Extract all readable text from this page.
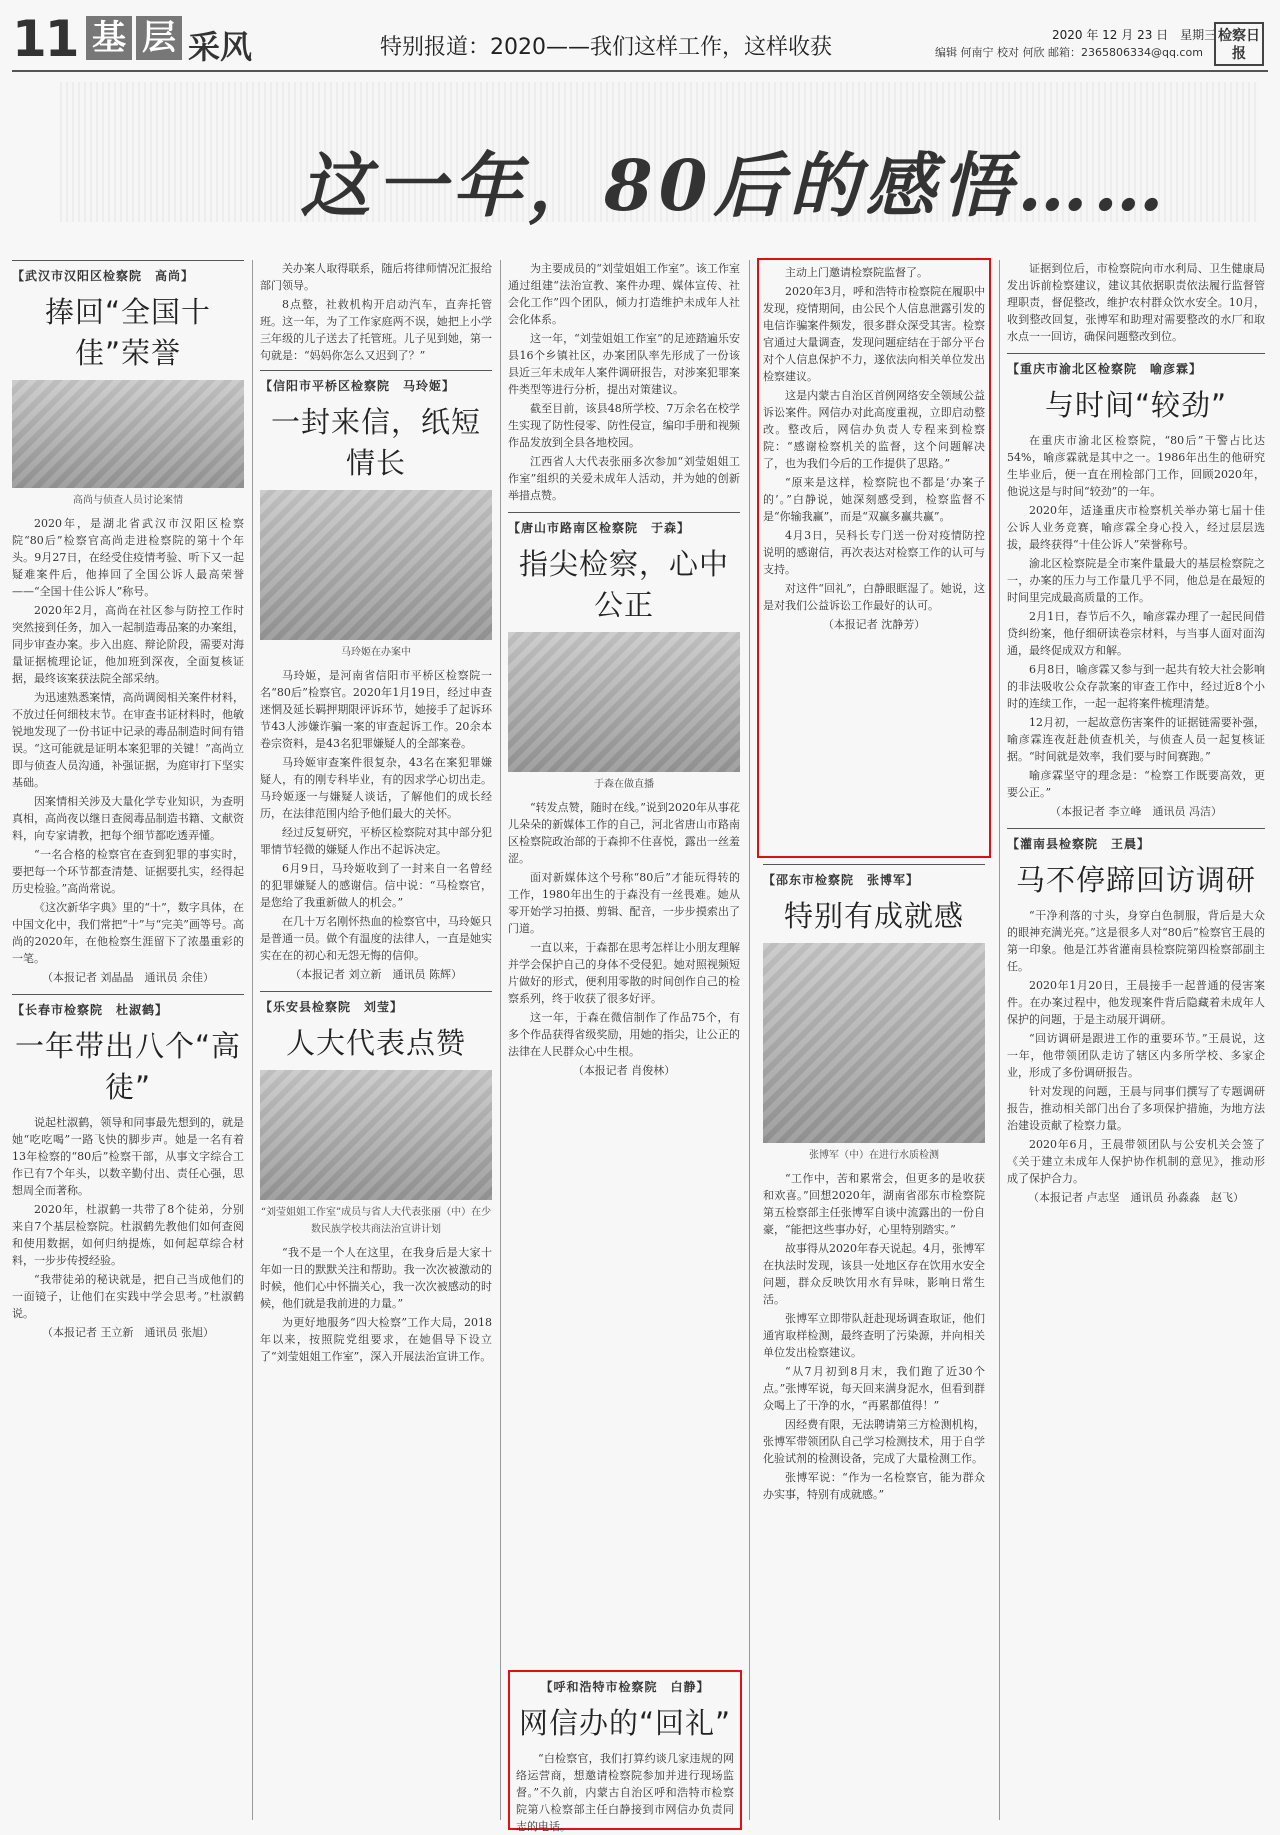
11 基 层 采风	特别报道：2020——我们这样工作，这样收获	2020 年 12 月 23 日　星期三
编辑 何南宁 校对 何欣 邮箱：2365806334@qq.com
检察日报
这一年，80后的感悟……
【武汉市汉阳区检察院　高尚】
捧回“全国十佳”荣誉
高尚与侦查人员讨论案情

2020年，是湖北省武汉市汉阳区检察院“80后”检察官高尚走进检察院的第十个年头。9月27日，在经受住疫情考验、听下又一起疑难案件后，他捧回了全国公诉人最高荣誉——“全国十佳公诉人”称号。

2020年2月，高尚在社区参与防控工作时突然接到任务，加入一起制造毒品案的办案组，同步审查办案。步入出庭、辩论阶段，需要对海量证据梳理论证，他加班到深夜，全面复核证据，最终该案获法院全部采纳。

为迅速熟悉案情，高尚调阅相关案件材料，不放过任何细枝末节。在审查书证材料时，他敏锐地发现了一份书证中记录的毒品制造时间有错误。“这可能就是证明本案犯罪的关键！”高尚立即与侦查人员沟通，补强证据，为庭审打下坚实基础。

因案情相关涉及大量化学专业知识，为查明真相，高尚夜以继日查阅毒品制造书籍、文献资料，向专家请教，把每个细节都吃透弄懂。

“一名合格的检察官在查到犯罪的事实时，要把每一个环节都查清楚、证据要扎实，经得起历史检验。”高尚常说。

《这次新华字典》里的“十”，数字具体，在中国文化中，我们常把“十”与“完美”画等号。高尚的2020年，在他检察生涯留下了浓墨重彩的一笔。

（本报记者 刘晶晶　通讯员 余佳）

【长春市检察院　杜淑鹤】
一年带出八个“高徒”

说起杜淑鹤，领导和同事最先想到的，就是她“吃吃喝”一路飞快的脚步声。她是一名有着13年检察的“80后”检察干部，从事文字综合工作已有7个年头，以数辛勤付出、责任心强，思想周全而著称。

2020年，杜淑鹤一共带了8个徒弟，分别来自7个基层检察院。杜淑鹤先教他们如何查阅和使用数据，如何归纳提炼，如何起草综合材料，一步步传授经验。

“我带徒弟的秘诀就是，把自己当成他们的一面镜子，让他们在实践中学会思考。”杜淑鹤说。

（本报记者 王立新　通讯员 张旭）

关办案人取得联系，随后将律师情况汇报给部门领导。

8点整，社救机构开启动汽车，直奔托管班。这一年，为了工作家庭两不误，她把上小学三年级的儿子送去了托管班。儿子见到她，第一句就是：“妈妈你怎么又迟到了？”

【信阳市平桥区检察院　马玲姬】
一封来信，纸短情长
马玲姬在办案中

马玲姬，是河南省信阳市平桥区检察院一名“80后”检察官。2020年1月19日，经过申查迷惘及延长羁押期限评诉环节，她接手了起诉环节43人涉嫌诈骗一案的审查起诉工作。20余本卷宗资料，是43名犯罪嫌疑人的全部案卷。

马玲姬审查案件很复杂，43名在案犯罪嫌疑人，有的刚专科毕业，有的因求学心切出走。马玲姬逐一与嫌疑人谈话，了解他们的成长经历，在法律范围内给予他们最大的关怀。

经过反复研究，平桥区检察院对其中部分犯罪情节轻微的嫌疑人作出不起诉决定。

6月9日，马玲姬收到了一封来自一名曾经的犯罪嫌疑人的感谢信。信中说：“马检察官，是您给了我重新做人的机会。”

在几十万名刚怀热血的检察官中，马玲姬只是普通一员。做个有温度的法律人，一直是她实实在在的初心和无怨无悔的信仰。

（本报记者 刘立新　通讯员 陈辉）

【乐安县检察院　刘莹】
人大代表点赞
“刘莹姐姐工作室”成员与省人大代表张丽（中）在少数民族学校共商法治宣讲计划

“我不是一个人在这里，在我身后是大家十年如一日的默默关注和帮助。我一次次被激动的时候，他们心中怀揣关心，我一次次被感动的时候，他们就是我前进的力量。”

为更好地服务“四大检察”工作大局，2018年以来，按照院党组要求，在她倡导下设立了“刘莹姐姐工作室”，深入开展法治宣讲工作。

为主要成员的“刘莹姐姐工作室”。该工作室通过组建“法治宣教、案件办理、媒体宣传、社会化工作”四个团队，倾力打造维护未成年人社会化体系。

这一年，“刘莹姐姐工作室”的足迹踏遍乐安县16个乡镇社区，办案团队率先形成了一份该县近三年未成年人案件调研报告，对涉案犯罪案件类型等进行分析，提出对策建议。

截至目前，该县48所学校、7万余名在校学生实现了防性侵零、防性侵宣，编印手册和视频作品发放到全县各地校园。

江西省人大代表张丽多次参加“刘莹姐姐工作室”组织的关爱未成年人活动，并为她的创新举措点赞。

【唐山市路南区检察院　于森】
指尖检察，心中公正
于森在做直播

“转发点赞，随时在线。”说到2020年从事花儿朵朵的新媒体工作的自己，河北省唐山市路南区检察院政治部的于森抑不住喜悦，露出一丝羞涩。

面对新媒体这个号称“80后”才能玩得转的工作，1980年出生的于森没有一丝畏难。她从零开始学习拍摄、剪辑、配音，一步步摸索出了门道。

一直以来，于森都在思考怎样让小朋友理解并学会保护自己的身体不受侵犯。她对照视频短片做好的形式，便利用零散的时间创作自己的检察系列，终于收获了很多好评。

这一年，于森在微信制作了作品75个，有多个作品获得省级奖励，用她的指尖，让公正的法律在人民群众心中生根。

（本报记者 肖俊林）

【呼和浩特市检察院　白静】
网信办的“回礼”

“白检察官，我们打算约谈几家违规的网络运营商，想邀请检察院参加并进行现场监督。”不久前，内蒙古自治区呼和浩特市检察院第八检察部主任白静接到市网信办负责同志的电话。

主动上门邀请检察院监督了。

2020年3月，呼和浩特市检察院在履职中发现，疫情期间，由公民个人信息泄露引发的电信诈骗案件频发，很多群众深受其害。检察官通过大量调查，发现问题症结在于部分平台对个人信息保护不力，遂依法向相关单位发出检察建议。

这是内蒙古自治区首例网络安全领域公益诉讼案件。网信办对此高度重视，立即启动整改。整改后，网信办负责人专程来到检察院：“感谢检察机关的监督，这个问题解决了，也为我们今后的工作提供了思路。”

“原来是这样，检察院也不都是‘办案子的’。”白静说，她深刻感受到，检察监督不是“你输我赢”，而是“双赢多赢共赢”。

4月3日，吴科长专门送一份对疫情防控说明的感谢信，再次表达对检察工作的认可与支持。

对这件“回礼”，白静眼眶湿了。她说，这是对我们公益诉讼工作最好的认可。

（本报记者 沈静芳）

【邵东市检察院　张博军】
特别有成就感
张博军（中）在进行水质检测

“工作中，苦和累常会，但更多的是收获和欢喜。”回想2020年，湖南省邵东市检察院第五检察部主任张博军自谈中流露出的一份自豪，“能把这些事办好，心里特别踏实。”

故事得从2020年春天说起。4月，张博军在执法时发现，该县一处地区存在饮用水安全问题，群众反映饮用水有异味，影响日常生活。

张博军立即带队赶赴现场调查取证，他们通宵取样检测，最终查明了污染源，并向相关单位发出检察建议。

“从7月初到8月末，我们跑了近30个点。”张博军说，每天回来满身泥水，但看到群众喝上了干净的水，“再累都值得！”

因经费有限，无法聘请第三方检测机构，张博军带领团队自己学习检测技术，用于自学化验试剂的检测设备，完成了大量检测工作。

张博军说：“作为一名检察官，能为群众办实事，特别有成就感。”

证据到位后，市检察院向市水利局、卫生健康局发出诉前检察建议，建议其依据职责依法履行监督管理职责，督促整改，维护农村群众饮水安全。10月，收到整改回复，张博军和助理对需要整改的水厂和取水点一一回访，确保问题整改到位。

【重庆市渝北区检察院　喻彦霖】
与时间“较劲”

在重庆市渝北区检察院，“80后”干警占比达54%，喻彦霖就是其中之一。1986年出生的他研究生毕业后，便一直在刑检部门工作，回顾2020年，他说这是与时间“较劲”的一年。

2020年，适逢重庆市检察机关举办第七届十佳公诉人业务竞赛，喻彦霖全身心投入，经过层层选拔，最终获得“十佳公诉人”荣誉称号。

渝北区检察院是全市案件量最大的基层检察院之一，办案的压力与工作量几乎不同，他总是在最短的时间里完成最高质量的工作。

2月1日，春节后不久，喻彦霖办理了一起民间借贷纠纷案，他仔细研读卷宗材料，与当事人面对面沟通，最终促成双方和解。

6月8日，喻彦霖又参与到一起共有较大社会影响的非法吸收公众存款案的审查工作中，经过近8个小时的连续工作，一起一起将案件梳理清楚。

12月初，一起故意伤害案件的证据链需要补强，喻彦霖连夜赶赴侦查机关，与侦查人员一起复核证据。“时间就是效率，我们要与时间赛跑。”

喻彦霖坚守的理念是：“检察工作既要高效，更要公正。”

（本报记者 李立峰　通讯员 冯洁）

【灌南县检察院　王晨】
马不停蹄回访调研

“干净利落的寸头，身穿白色制服，背后是大众的眼神充满光亮。”这是很多人对“80后”检察官王晨的第一印象。他是江苏省灌南县检察院第四检察部副主任。

2020年1月20日，王晨接手一起普通的侵害案件。在办案过程中，他发现案件背后隐藏着未成年人保护的问题，于是主动展开调研。

“回访调研是跟进工作的重要环节。”王晨说，这一年，他带领团队走访了辖区内多所学校、多家企业，形成了多份调研报告。

针对发现的问题，王晨与同事们撰写了专题调研报告，推动相关部门出台了多项保护措施，为地方法治建设贡献了检察力量。

2020年6月，王晨带领团队与公安机关会签了《关于建立未成年人保护协作机制的意见》，推动形成了保护合力。

（本报记者 卢志坚　通讯员 孙淼淼　赵飞）
